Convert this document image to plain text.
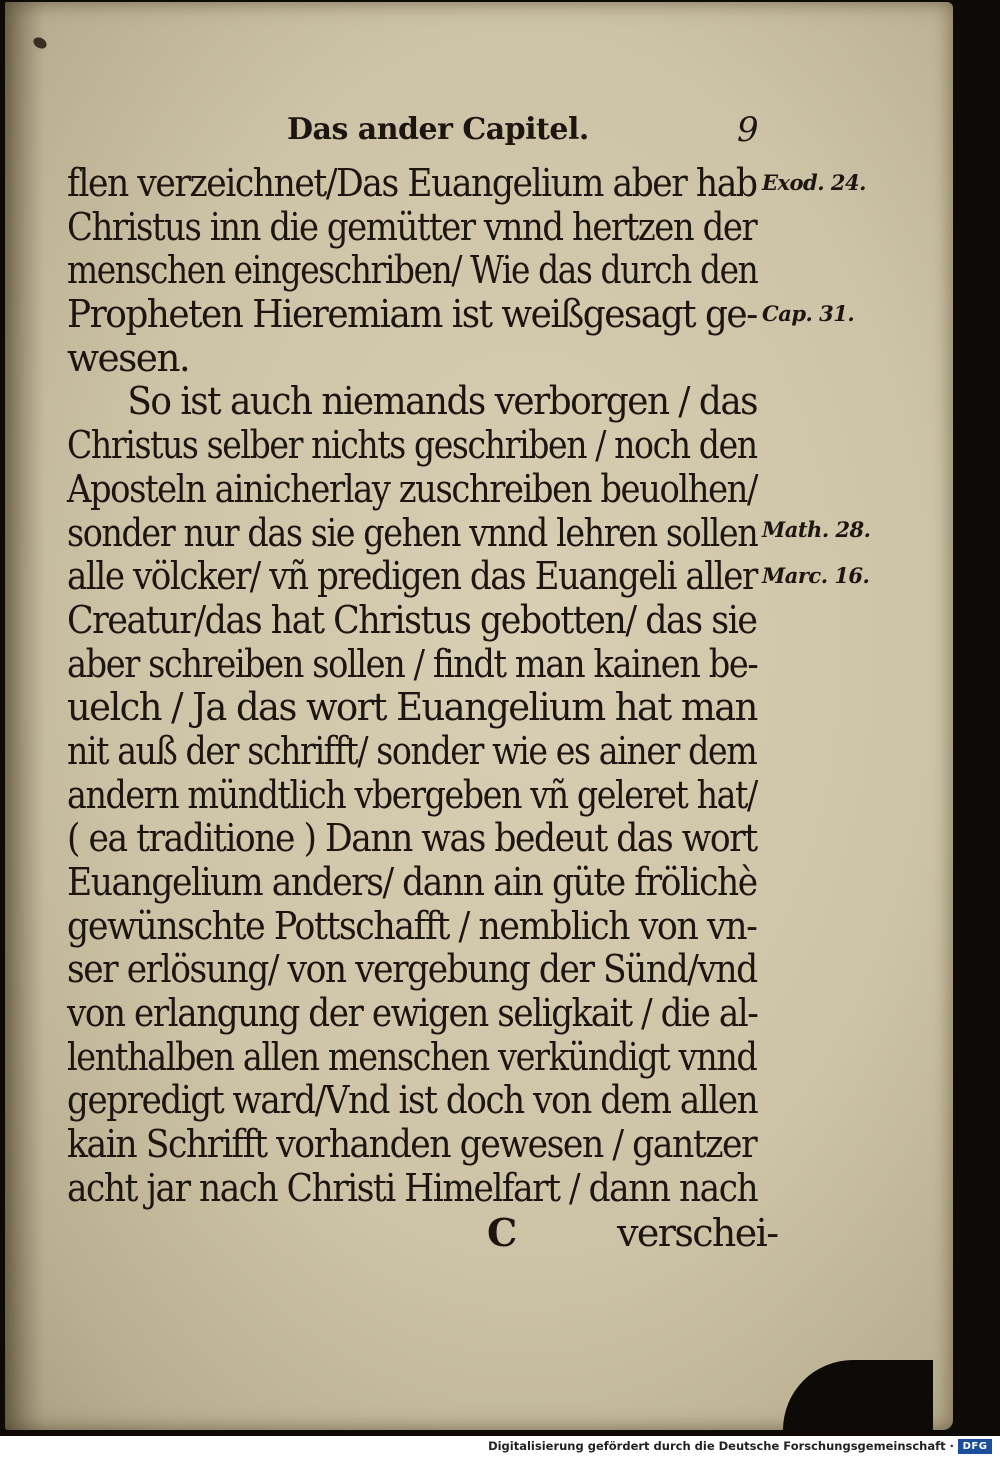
Das ander Capitel.	9
flen verzeichnet/Das Euangelium aber hab
Christus inn die gemütter vnnd hertzen der
menschen eingeschriben/ Wie das durch den
Propheten Hieremiam ist weißgesagt ge-
wesen.
So ist auch niemands verborgen / das
Christus selber nichts geschriben / noch den
Aposteln ainicherlay zuschreiben beuolhen/
sonder nur das sie gehen vnnd lehren sollen
alle völcker/ vñ predigen das Euangeli aller
Creatur/das hat Christus gebotten/ das sie
aber schreiben sollen / findt man kainen be-
uelch / Ja das wort Euangelium hat man
nit auß der schrifft/ sonder wie es ainer dem
andern mündtlich vbergeben vñ geleret hat/
( ea traditione ) Dann was bedeut das wort
Euangelium anders/ dann ain güte frölichè
gewünschte Pottschafft / nemblich von vn-
ser erlösung/ von vergebung der Sünd/vnd
von erlangung der ewigen seligkait / die al-
lenthalben allen menschen verkündigt vnnd
gepredigt ward/Vnd ist doch von dem allen
kain Schrifft vorhanden gewesen / gantzer
acht jar nach Christi Himelfart / dann nach
C	verschei-
Exod. 24.
Cap. 31.
Math. 28.
Marc. 16.
Digitalisierung gefördert durch die Deutsche Forschungsgemeinschaft · DFG
